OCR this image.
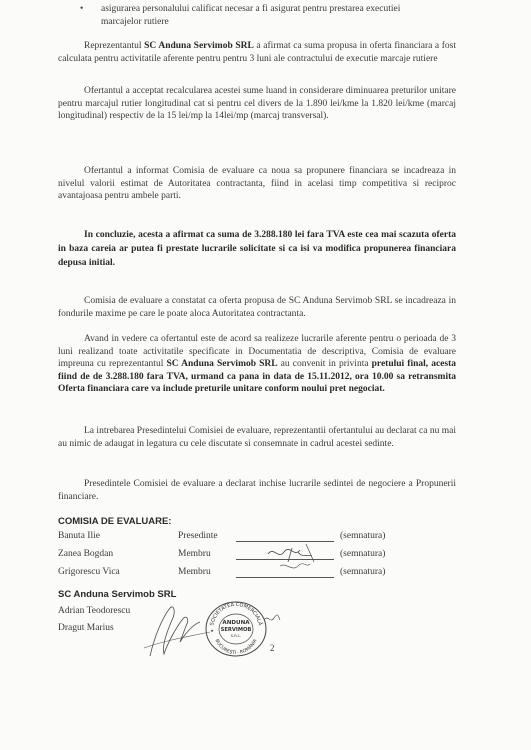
• asigurarea personalului calificat necesar a fi asigurat pentru prestarea executiei
marcajelor rutiere

Reprezentantul SC Anduna Servimob SRL a afirmat ca suma propusa in oferta financiara a fost calculata pentru activitatile aferente pentru pentru 3 luni ale contractului de executie marcaje rutiere

Ofertantul a acceptat recalcularea acestei sume luand in considerare diminuarea preturilor unitare pentru marcajul rutier longitudinal cat si pentru cel divers de la 1.890 lei/kme la 1.820 lei/kme (marcaj longitudinal) respectiv de la 15 lei/mp la 14lei/mp (marcaj transversal).

Ofertantul a informat Comisia de evaluare ca noua sa propunere financiara se incadreaza in nivelul valorii estimat de Autoritatea contractanta, fiind in acelasi timp competitiva si reciproc avantajoasa pentru ambele parti.

In concluzie, acesta a afirmat ca suma de 3.288.180 lei fara TVA este cea mai scazuta oferta in baza careia ar putea fi prestate lucrarile solicitate si ca isi va modifica propunerea financiara depusa initial.

Comisia de evaluare a constatat ca oferta propusa de SC Anduna Servimob SRL se incadreaza in fondurile maxime pe care le poate aloca Autoritatea contractanta.

Avand in vedere ca ofertantul este de acord sa realizeze lucrarile aferente pentru o perioada de 3 luni realizand toate activitatile specificate in Documentatia de descriptiva, Comisia de evaluare impreuna cu reprezentantul SC Anduna Servimob SRL au convenit in privinta pretului final, acesta fiind de de 3.288.180 fara TVA, urmand ca pana in data de 15.11.2012, ora 10.00 sa retransmita Oferta financiara care va include preturile unitare conform noului pret negociat.

La intrebarea Presedintelui Comisiei de evaluare, reprezentantii ofertantului au declarat ca nu mai au nimic de adaugat in legatura cu cele discutate si consemnate in cadrul acestei sedinte.

Presedintele Comisiei de evaluare a declarat inchise lucrarile sedintei de negociere a Propunerii financiare.

COMISIA DE EVALUARE:
Banuta Ilie	Presedinte	(semnatura)
Zanea Bogdan	Membru	(semnatura)
Grigorescu Vica	Membru	(semnatura)
SC Anduna Servimob SRL
Adrian Teodorescu
Dragut Marius	SOCIETATEA COMERCIALĂ
BUCUREŞTI · ROMÂNIA
ANDUNA
SERVIMOB
S.R.L.
★
2
